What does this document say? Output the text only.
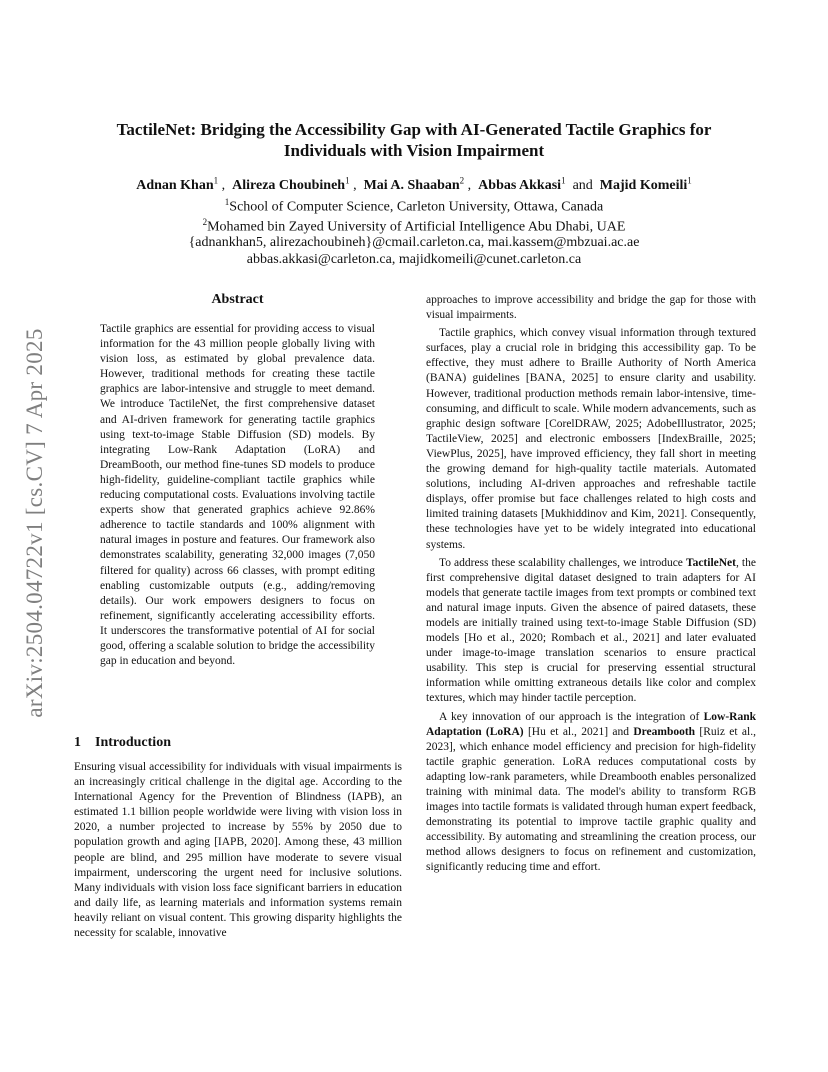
TactileNet: Bridging the Accessibility Gap with AI-Generated Tactile Graphics for
Individuals with Vision Impairment
Adnan Khan$^1$ , Alireza Choubineh$^1$ , Mai A. Shaaban$^2$ , Abbas Akkasi$^1$ and Majid Komeili$^1$
$^1$School of Computer Science, Carleton University, Ottawa, Canada
$^2$Mohamed bin Zayed University of Artificial Intelligence Abu Dhabi, UAE
{adnankhan5, alirezachoubineh}@cmail.carleton.ca, mai.kassem@mbzuai.ac.ae
abbas.akkasi@carleton.ca, majidkomeili@cunet.carleton.ca
arXiv:2504.04722v1 [cs.CV] 7 Apr 2025
Abstract

Tactile graphics are essential for providing access to visual information for the 43 million people globally living with vision loss, as estimated by global prevalence data. However, traditional methods for creating these tactile graphics are labor-intensive and struggle to meet demand. We introduce TactileNet, the first comprehensive dataset and AI-driven framework for generating tactile graphics using text-to-image Stable Diffusion (SD) models. By integrating Low-Rank Adaptation (LoRA) and DreamBooth, our method fine-tunes SD models to produce high-fidelity, guideline-compliant tactile graphics while reducing computational costs. Evaluations involving tactile experts show that generated graphics achieve 92.86% adherence to tactile standards and 100% alignment with natural images in posture and features. Our framework also demonstrates scalability, generating 32,000 images (7,050 filtered for quality) across 66 classes, with prompt editing enabling customizable outputs (e.g., adding/removing details). Our work empowers designers to focus on refinement, significantly accelerating accessibility efforts. It underscores the transformative potential of AI for social good, offering a scalable solution to bridge the accessibility gap in education and beyond.

1 Introduction

Ensuring visual accessibility for individuals with visual impairments is an increasingly critical challenge in the digital age. According to the International Agency for the Prevention of Blindness (IAPB), an estimated 1.1 billion people worldwide were living with vision loss in 2020, a number projected to increase by 55% by 2050 due to population growth and aging [IAPB, 2020]. Among these, 43 million people are blind, and 295 million have moderate to severe visual impairment, underscoring the urgent need for inclusive solutions. Many individuals with vision loss face significant barriers in education and daily life, as learning materials and information systems remain heavily reliant on visual content. This growing disparity highlights the necessity for scalable, innovative

approaches to improve accessibility and bridge the gap for those with visual impairments.

Tactile graphics, which convey visual information through textured surfaces, play a crucial role in bridging this accessibility gap. To be effective, they must adhere to Braille Authority of North America (BANA) guidelines [BANA, 2025] to ensure clarity and usability. However, traditional production methods remain labor-intensive, time-consuming, and difficult to scale. While modern advancements, such as graphic design software [CorelDRAW, 2025; AdobeIllustrator, 2025; TactileView, 2025] and electronic embossers [IndexBraille, 2025; ViewPlus, 2025], have improved efficiency, they fall short in meeting the growing demand for high-quality tactile materials. Automated solutions, including AI-driven approaches and refreshable tactile displays, offer promise but face challenges related to high costs and limited training datasets [Mukhiddinov and Kim, 2021]. Consequently, these technologies have yet to be widely integrated into educational systems.

To address these scalability challenges, we introduce TactileNet, the first comprehensive digital dataset designed to train adapters for AI models that generate tactile images from text prompts or combined text and natural image inputs. Given the absence of paired datasets, these models are initially trained using text-to-image Stable Diffusion (SD) models [Ho et al., 2020; Rombach et al., 2021] and later evaluated under image-to-image translation scenarios to ensure practical usability. This step is crucial for preserving essential structural information while omitting extraneous details like color and complex textures, which may hinder tactile perception.

A key innovation of our approach is the integration of Low-Rank Adaptation (LoRA) [Hu et al., 2021] and Dreambooth [Ruiz et al., 2023], which enhance model efficiency and precision for high-fidelity tactile graphic generation. LoRA reduces computational costs by adapting low-rank parameters, while Dreambooth enables personalized training with minimal data. The model's ability to transform RGB images into tactile formats is validated through human expert feedback, demonstrating its potential to improve tactile graphic quality and accessibility. By automating and streamlining the creation process, our method allows designers to focus on refinement and customization, significantly reducing time and effort.
